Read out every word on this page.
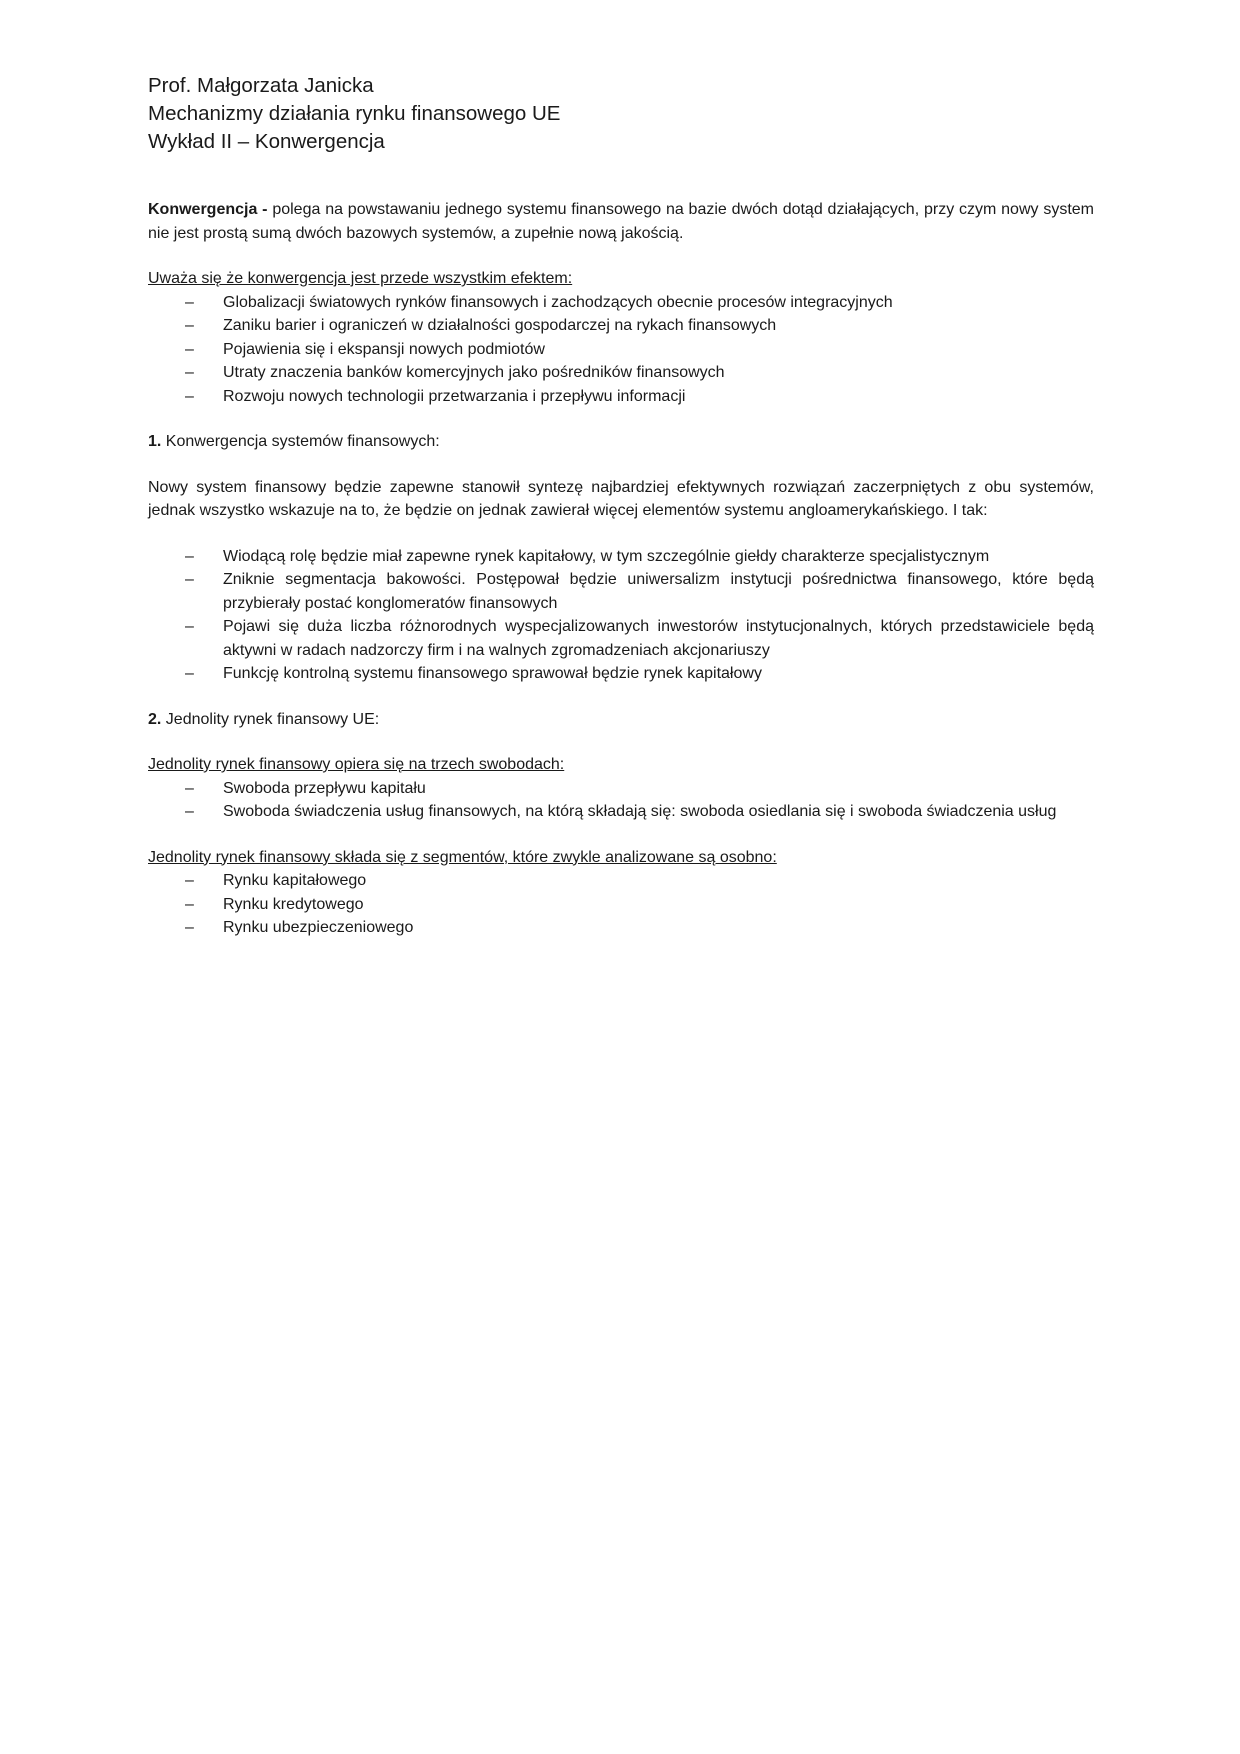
Prof. Małgorzata Janicka

Mechanizmy działania rynku finansowego UE

Wykład II – Konwergencja

Konwergencja - polega na powstawaniu jednego systemu finansowego na bazie dwóch dotąd działających, przy czym nowy system nie jest prostą sumą dwóch bazowych systemów, a zupełnie nową jakością.

Uważa się że konwergencja jest przede wszystkim efektem:

– Globalizacji światowych rynków finansowych i zachodzących obecnie procesów integracyjnych
– Zaniku barier i ograniczeń w działalności gospodarczej na rykach finansowych
– Pojawienia się i ekspansji nowych podmiotów
– Utraty znaczenia banków komercyjnych jako pośredników finansowych
– Rozwoju nowych technologii przetwarzania i przepływu informacji

1. Konwergencja systemów finansowych:

Nowy system finansowy będzie zapewne stanowił syntezę najbardziej efektywnych rozwiązań zaczerpniętych z obu systemów, jednak wszystko wskazuje na to, że będzie on jednak zawierał więcej elementów systemu angloamerykańskiego. I tak:

– Wiodącą rolę będzie miał zapewne rynek kapitałowy, w tym szczególnie giełdy charakterze specjalistycznym
– Zniknie segmentacja bakowości. Postępował będzie uniwersalizm instytucji pośrednictwa finansowego, które będą przybierały postać konglomeratów finansowych
– Pojawi się duża liczba różnorodnych wyspecjalizowanych inwestorów instytucjonalnych, których przedstawiciele będą aktywni w radach nadzorczy firm i na walnych zgromadzeniach akcjonariuszy
– Funkcję kontrolną systemu finansowego sprawował będzie rynek kapitałowy

2. Jednolity rynek finansowy UE:

Jednolity rynek finansowy opiera się na trzech swobodach:

– Swoboda przepływu kapitału
– Swoboda świadczenia usług finansowych, na którą składają się: swoboda osiedlania się i swoboda świadczenia usług

Jednolity rynek finansowy składa się z segmentów, które zwykle analizowane są osobno:

– Rynku kapitałowego
– Rynku kredytowego
– Rynku ubezpieczeniowego
